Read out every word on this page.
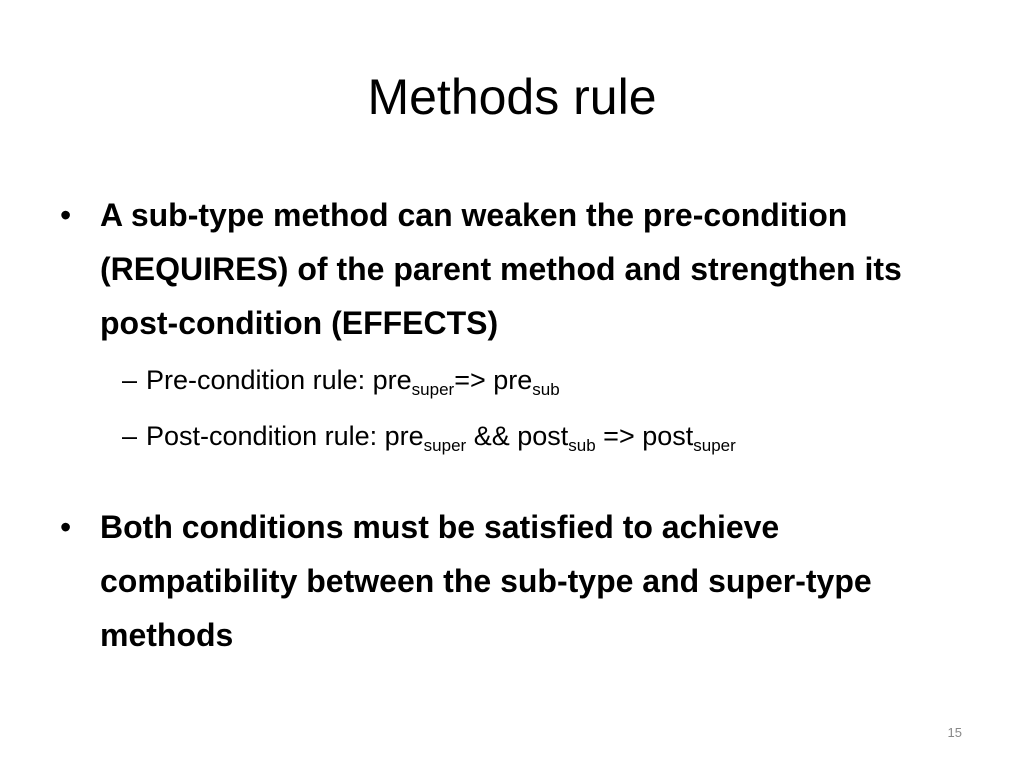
Methods rule
• A sub-type method can weaken the pre-condition (REQUIRES) of the parent method and strengthen its post-condition (EFFECTS)
– Pre-condition rule: pre$_{super}$=> pre$_{sub}$
– Post-condition rule: pre$_{super}$ && post$_{sub}$ => post$_{super}$
• Both conditions must be satisfied to achieve compatibility between the sub-type and super-type methods
15
